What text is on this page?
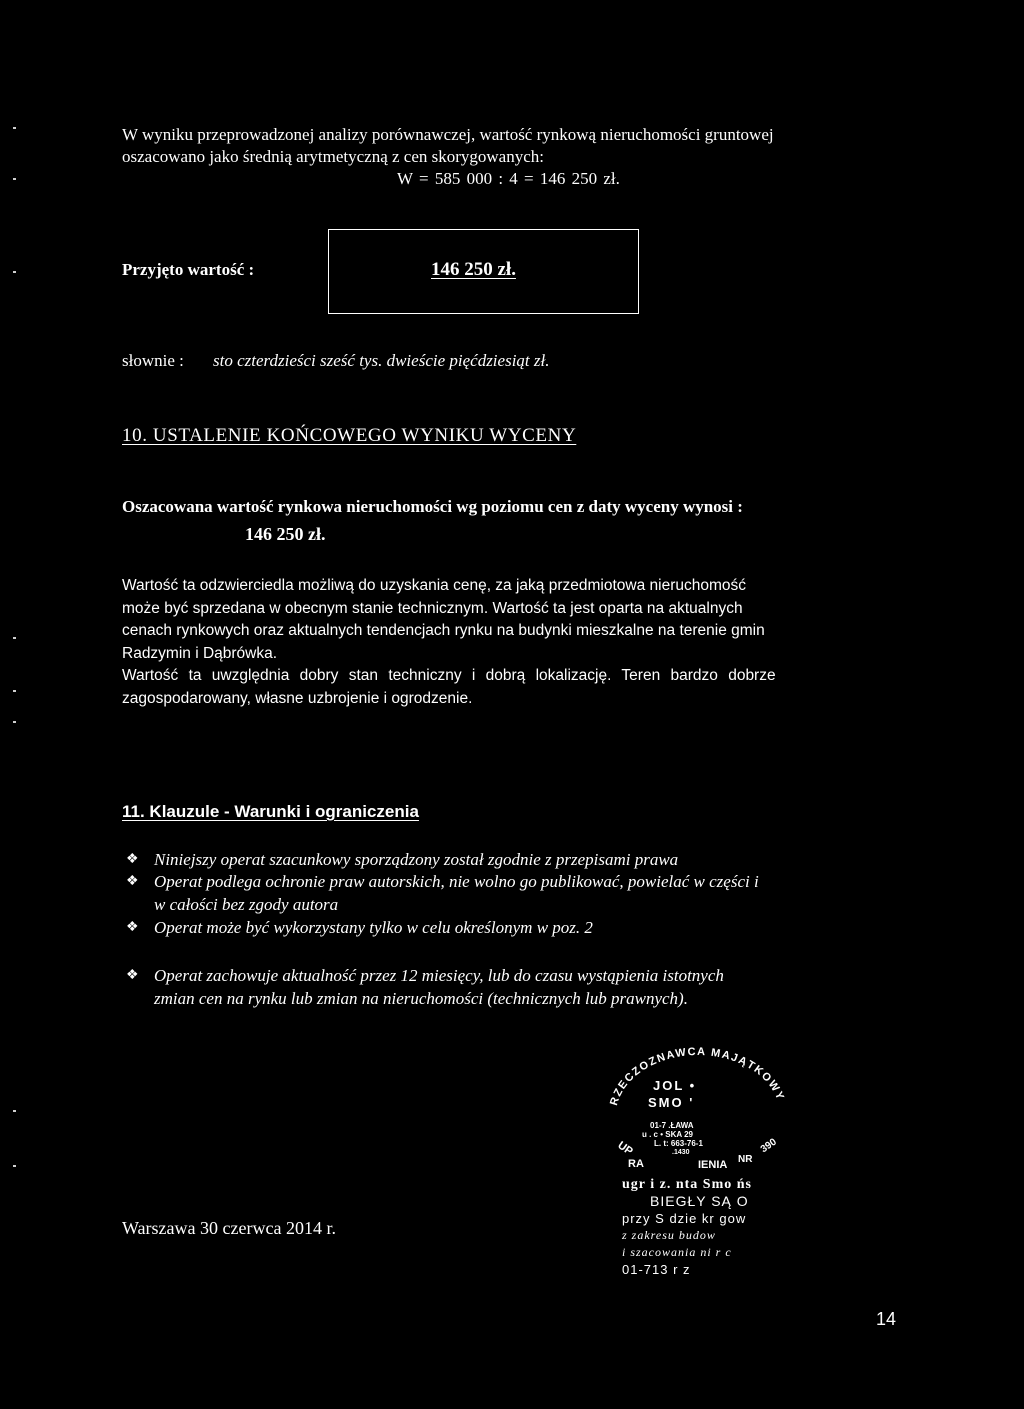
W wyniku przeprowadzonej analizy porównawczej, wartość rynkową nieruchomości gruntowej
oszacowano jako średnią arytmetyczną z cen skorygowanych:
W = 585 000 : 4 = 146 250 zł.
Przyjęto wartość :	146 250 zł.
słownie : sto czterdzieści sześć tys. dwieście pięćdziesiąt zł.
10. USTALENIE KOŃCOWEGO WYNIKU WYCENY
Oszacowana wartość rynkowa nieruchomości wg poziomu cen z daty wyceny wynosi :
146 250 zł.
Wartość ta odzwierciedla możliwą do uzyskania cenę, za jaką przedmiotowa nieruchomość
może być sprzedana w obecnym stanie technicznym. Wartość ta jest oparta na aktualnych
cenach rynkowych oraz aktualnych tendencjach rynku na budynki mieszkalne na terenie gmin
Radzymin i Dąbrówka.
Wartość ta uwzględnia dobry stan techniczny i dobrą lokalizację. Teren bardzo dobrze
zagospodarowany, własne uzbrojenie i ogrodzenie.
11. Klauzule - Warunki i ograniczenia
❖ Niniejszy operat szacunkowy sporządzony został zgodnie z przepisami prawa
❖ Operat podlega ochronie praw autorskich, nie wolno go publikować, powielać w części i
w całości bez zgody autora
❖ Operat może być wykorzystany tylko w celu określonym w poz. 2
❖ Operat zachowuje aktualność przez 12 miesięcy, lub do czasu wystąpienia istotnych
zmian cen na rynku lub zmian na nieruchomości (technicznych lub prawnych).
RZECZOZNAWCA MAJĄTKOWY
JOL •
SMO '
01-7 .ŁAWA
u . c • SKA 29
L. t: 663-76-1
.1430
UP
RA	IENIA NR
390
ugr i z. nta Smo ńs
BIEGŁY SĄ O
przy S dzie kr gow
z zakresu budow
i szacowania ni r c
01-713 r z
Warszawa 30 czerwca 2014 r.
14
